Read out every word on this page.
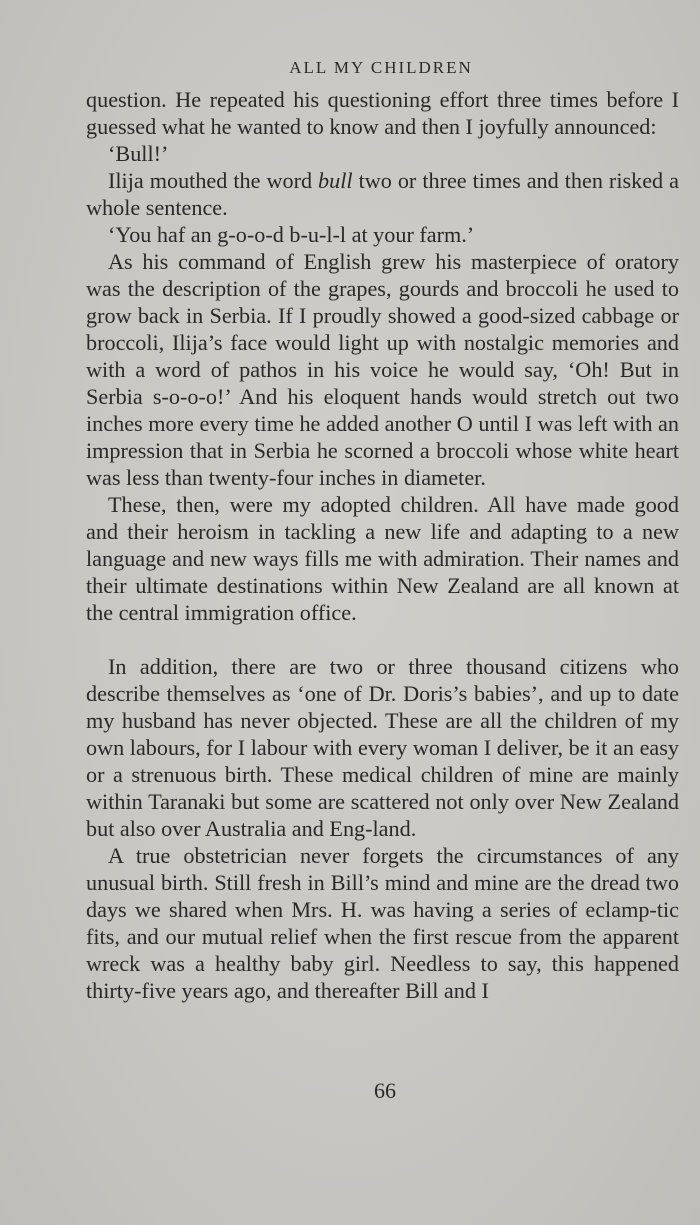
ALL MY CHILDREN

question. He repeated his questioning effort three times before I guessed what he wanted to know and then I joyfully announced:

‘Bull!’

Ilija mouthed the word bull two or three times and then risked a whole sentence.

‘You haf an g-o-o-d b-u-l-l at your farm.’

As his command of English grew his masterpiece of oratory was the description of the grapes, gourds and broccoli he used to grow back in Serbia. If I proudly showed a good-sized cabbage or broccoli, Ilija’s face would light up with nostalgic memories and with a word of pathos in his voice he would say, ‘Oh! But in Serbia s-o-o-o!’ And his eloquent hands would stretch out two inches more every time he added another O until I was left with an impression that in Serbia he scorned a broccoli whose white heart was less than twenty-four inches in diameter.

These, then, were my adopted children. All have made good and their heroism in tackling a new life and adapting to a new language and new ways fills me with admiration. Their names and their ultimate destinations within New Zealand are all known at the central immigration office.

In addition, there are two or three thousand citizens who describe themselves as ‘one of Dr. Doris’s babies’, and up to date my husband has never objected. These are all the children of my own labours, for I labour with every woman I deliver, be it an easy or a strenuous birth. These medical children of mine are mainly within Taranaki but some are scattered not only over New Zealand but also over Australia and Eng-land.

A true obstetrician never forgets the circumstances of any unusual birth. Still fresh in Bill’s mind and mine are the dread two days we shared when Mrs. H. was having a series of eclamp-tic fits, and our mutual relief when the first rescue from the apparent wreck was a healthy baby girl. Needless to say, this happened thirty-five years ago, and thereafter Bill and I

66
